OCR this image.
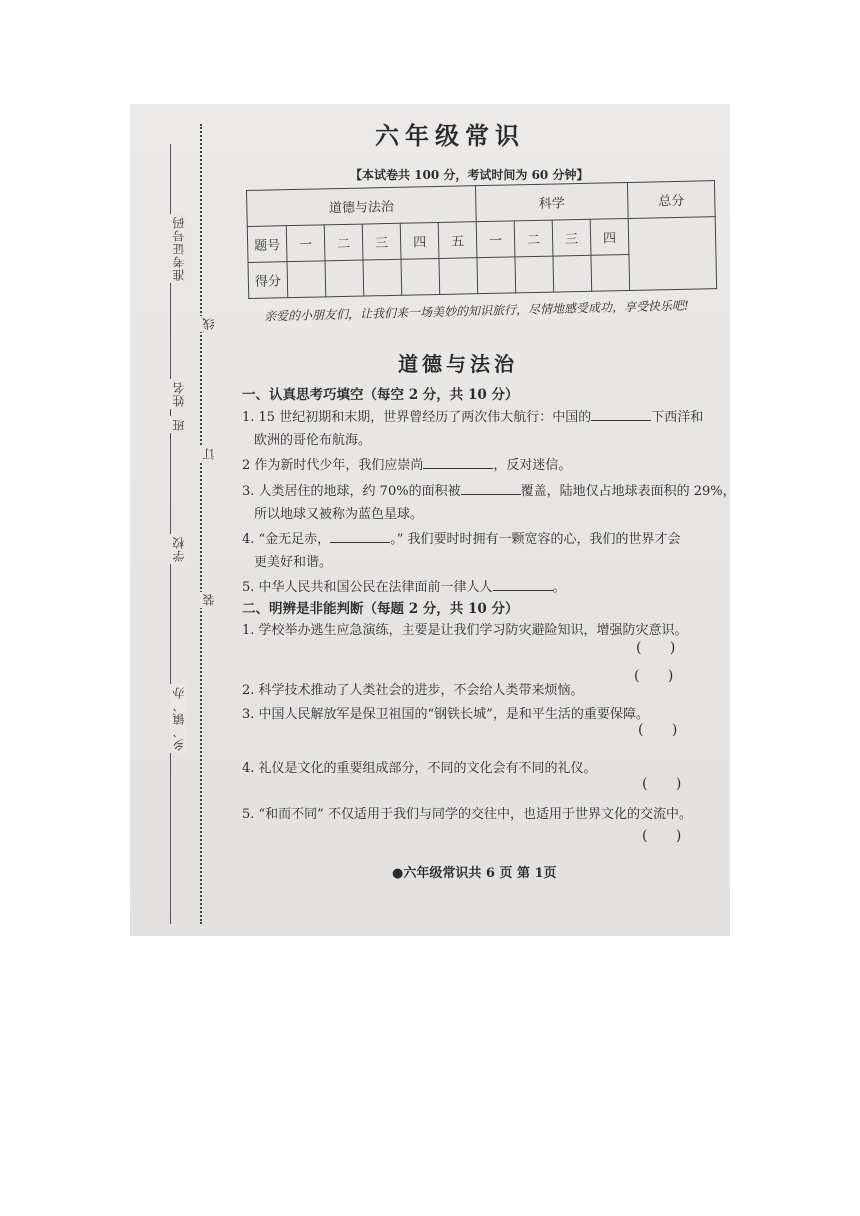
准考证号码
姓名
班
学校
乡、镇、办
线
订
装
六年级常识
【本试卷共 100 分，考试时间为 60 分钟】
道德与法治						科学				总分
题号	一	二	三	四	五	一	二	三	四	
得分										
亲爱的小朋友们，让我们来一场美妙的知识旅行，尽情地感受成功，享受快乐吧!
道德与法治
一、认真思考巧填空（每空 2 分，共 10 分）
1. 15 世纪初期和末期，世界曾经历了两次伟大航行：中国的	下西洋和
欧洲的哥伦布航海。
2 作为新时代少年，我们应崇尚	，反对迷信。
3. 人类居住的地球，约 70%的面积被	覆盖，陆地仅占地球表面积的 29%，
所以地球又被称为蓝色星球。
4. “金无足赤，	。” 我们要时时拥有一颗宽容的心，我们的世界才会
更美好和谐。
5. 中华人民共和国公民在法律面前一律人人	。
二、明辨是非能判断（每题 2 分，共 10 分）
1. 学校举办逃生应急演练，主要是让我们学习防灾避险知识，增强防灾意识。
( )
2. 科学技术推动了人类社会的进步，不会给人类带来烦恼。
( )
3. 中国人民解放军是保卫祖国的“钢铁长城”，是和平生活的重要保障。
( )
4. 礼仪是文化的重要组成部分，不同的文化会有不同的礼仪。
( )
5. “和而不同” 不仅适用于我们与同学的交往中，也适用于世界文化的交流中。
( )
●六年级常识共 6 页 第 1页
